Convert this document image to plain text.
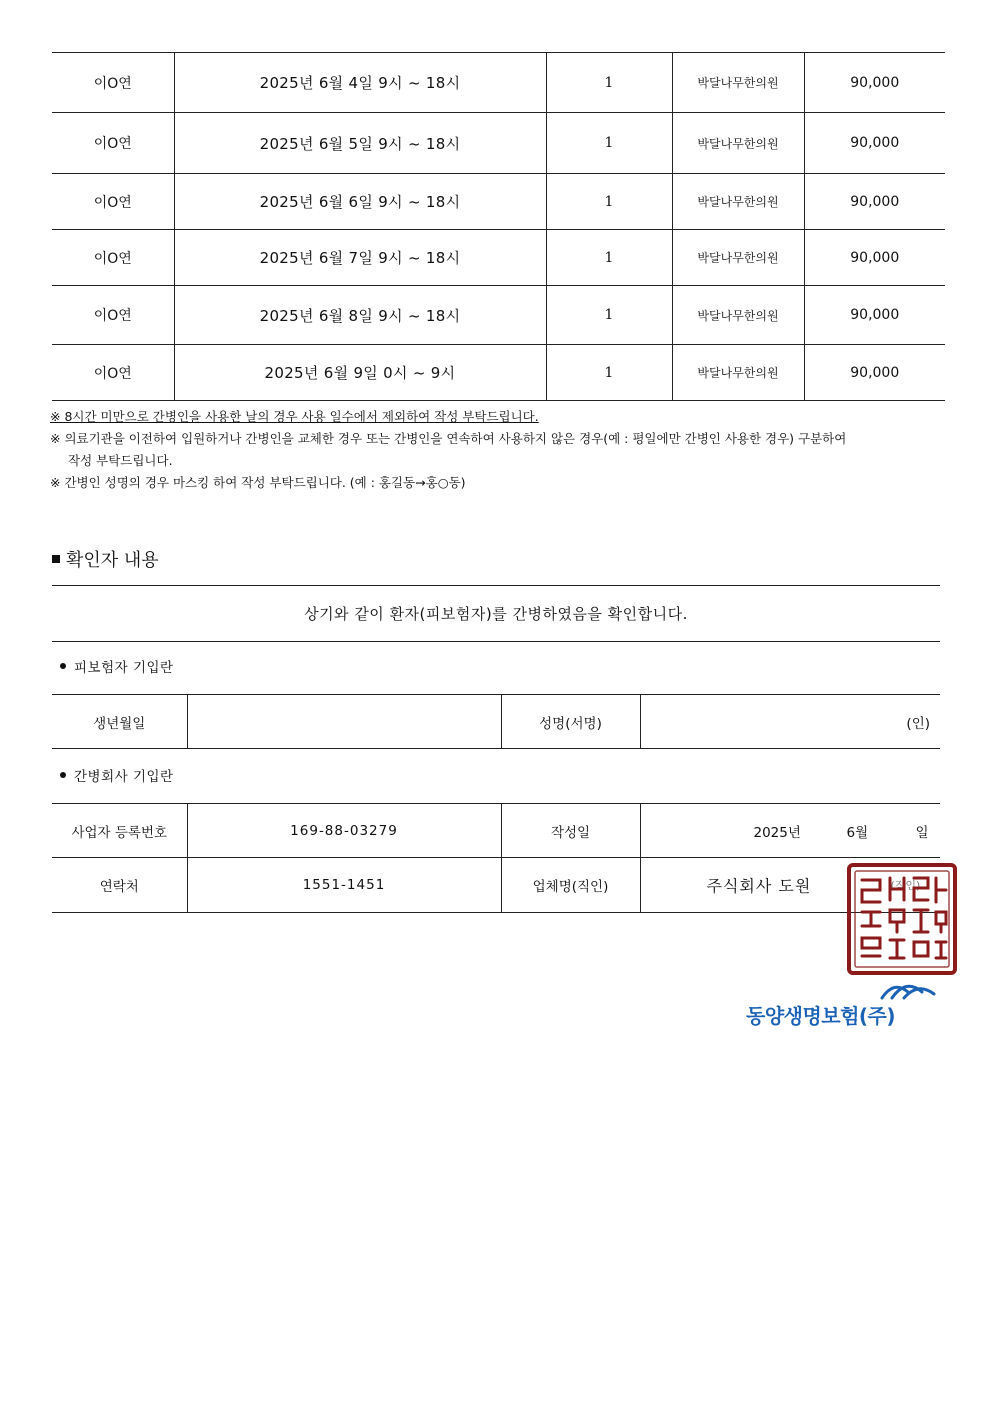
이O연	2025년 6월 4일 9시 ~ 18시	1	박달나무한의원	90,000
이O연	2025년 6월 5일 9시 ~ 18시	1	박달나무한의원	90,000
이O연	2025년 6월 6일 9시 ~ 18시	1	박달나무한의원	90,000
이O연	2025년 6월 7일 9시 ~ 18시	1	박달나무한의원	90,000
이O연	2025년 6월 8일 9시 ~ 18시	1	박달나무한의원	90,000
이O연	2025년 6월 9일 0시 ~ 9시	1	박달나무한의원	90,000
※ 8시간 미만으로 간병인을 사용한 날의 경우 사용 일수에서 제외하여 작성 부탁드립니다.
※ 의료기관을 이전하여 입원하거나 간병인을 교체한 경우 또는 간병인을 연속하여 사용하지 않은 경우(예 : 평일에만 간병인 사용한 경우) 구분하여
작성 부탁드립니다.
※ 간병인 성명의 경우 마스킹 하여 작성 부탁드립니다. (예 : 홍길동→홍○동)
확인자 내용
상기와 같이 환자(피보험자)를 간병하였음을 확인합니다.
피보험자 기입란
생년월일		성명(서명)	(인)
간병회사 기입란
사업자 등록번호	169-88-03279	작성일	2025년 6월 일

연락처	1551-1451	업체명(직인)	주식회사 도원 (직인)
동양생명보험(주)
